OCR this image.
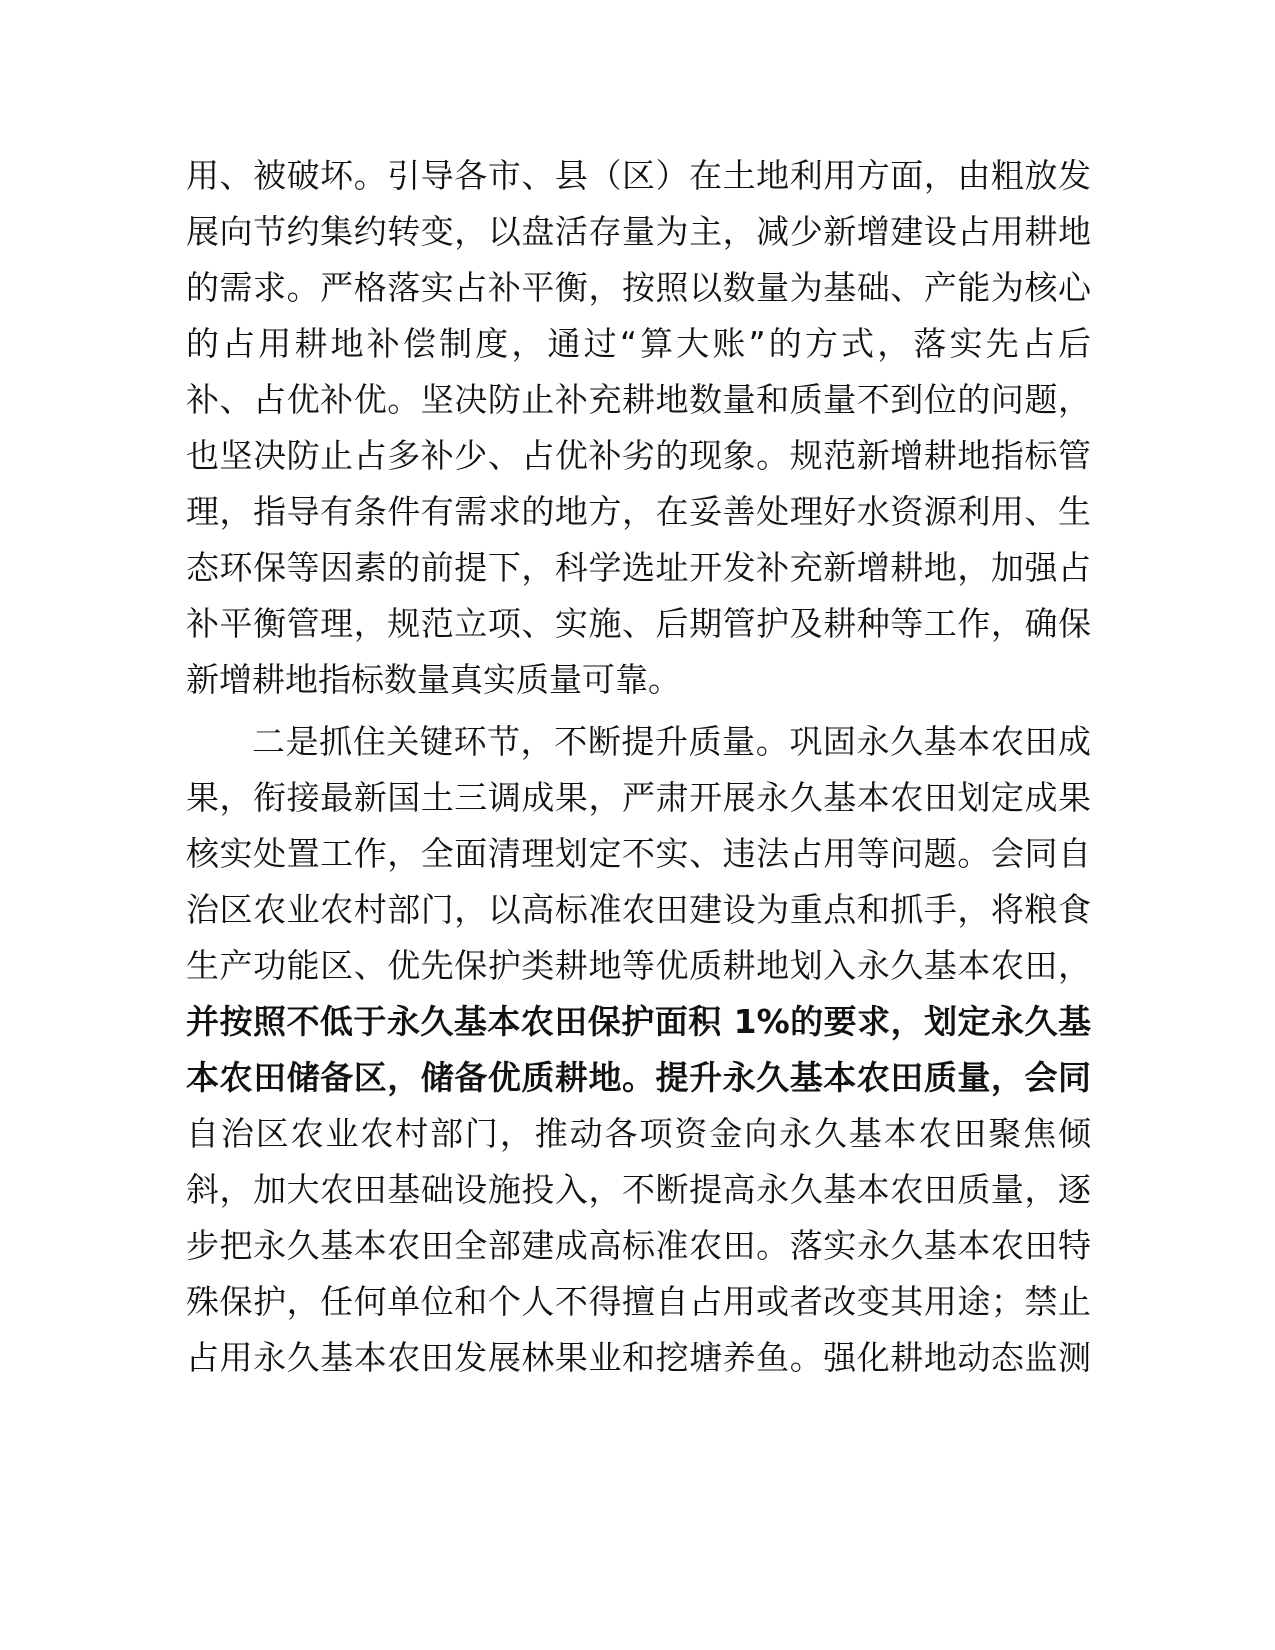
用、被破坏。引导各市、县（区）在土地利用方面，由粗放发
展向节约集约转变，以盘活存量为主，减少新增建设占用耕地
的需求。严格落实占补平衡，按照以数量为基础、产能为核心
的占用耕地补偿制度，通过“算大账”的方式，落实先占后
补、占优补优。坚决防止补充耕地数量和质量不到位的问题，
也坚决防止占多补少、占优补劣的现象。规范新增耕地指标管
理，指导有条件有需求的地方，在妥善处理好水资源利用、生
态环保等因素的前提下，科学选址开发补充新增耕地，加强占
补平衡管理，规范立项、实施、后期管护及耕种等工作，确保
新增耕地指标数量真实质量可靠。
二是抓住关键环节，不断提升质量。巩固永久基本农田成
果，衔接最新国土三调成果，严肃开展永久基本农田划定成果
核实处置工作，全面清理划定不实、违法占用等问题。会同自
治区农业农村部门，以高标准农田建设为重点和抓手，将粮食
生产功能区、优先保护类耕地等优质耕地划入永久基本农田，
并按照不低于永久基本农田保护面积 1%的要求，划定永久基
本农田储备区，储备优质耕地。提升永久基本农田质量，会同
自治区农业农村部门，推动各项资金向永久基本农田聚焦倾
斜，加大农田基础设施投入，不断提高永久基本农田质量，逐
步把永久基本农田全部建成高标准农田。落实永久基本农田特
殊保护，任何单位和个人不得擅自占用或者改变其用途；禁止
占用永久基本农田发展林果业和挖塘养鱼。强化耕地动态监测
